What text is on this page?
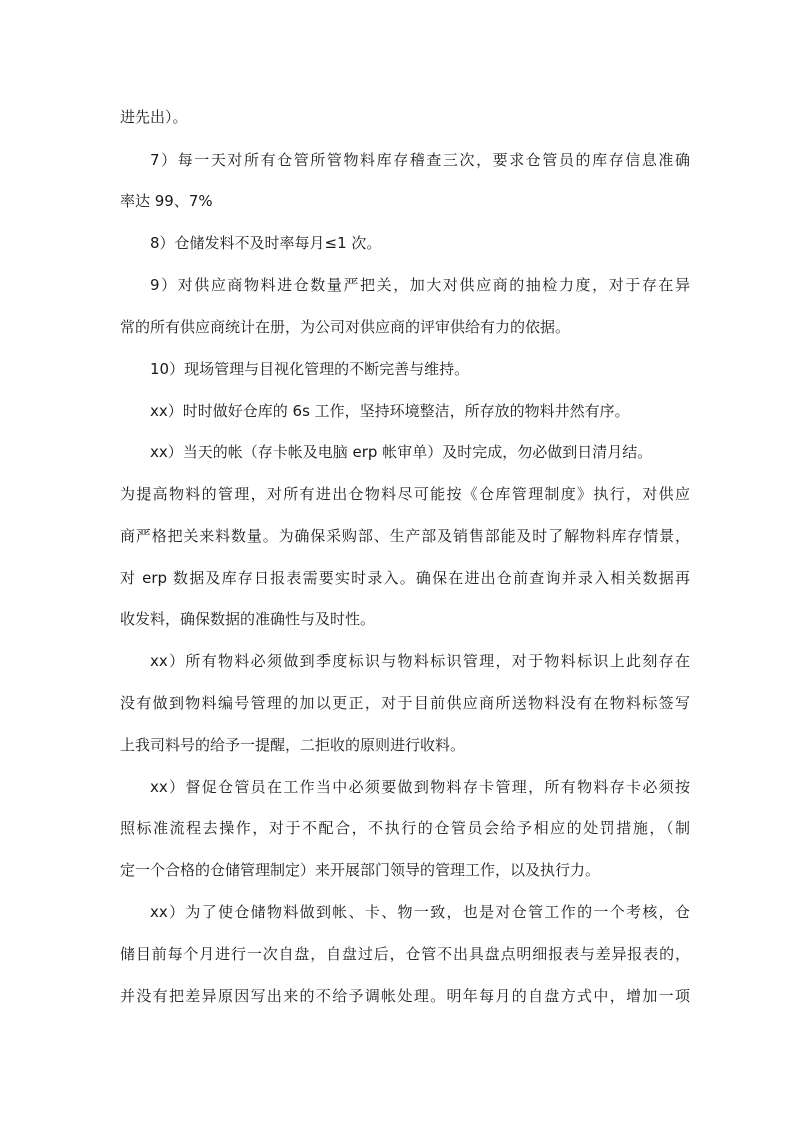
进先出）。
7）每一天对所有仓管所管物料库存稽查三次，要求仓管员的库存信息准确
率达 99、7%
8）仓储发料不及时率每月≤1 次。
9）对供应商物料进仓数量严把关，加大对供应商的抽检力度，对于存在异
常的所有供应商统计在册，为公司对供应商的评审供给有力的依据。
10）现场管理与目视化管理的不断完善与维持。
xx）时时做好仓库的 6s 工作，坚持环境整洁，所存放的物料井然有序。
xx）当天的帐（存卡帐及电脑 erp 帐审单）及时完成，勿必做到日清月结。
为提高物料的管理，对所有进出仓物料尽可能按《仓库管理制度》执行，对供应
商严格把关来料数量。为确保采购部、生产部及销售部能及时了解物料库存情景，
对 erp 数据及库存日报表需要实时录入。确保在进出仓前查询并录入相关数据再
收发料，确保数据的准确性与及时性。
xx）所有物料必须做到季度标识与物料标识管理，对于物料标识上此刻存在
没有做到物料编号管理的加以更正，对于目前供应商所送物料没有在物料标签写
上我司料号的给予一提醒，二拒收的原则进行收料。
xx）督促仓管员在工作当中必须要做到物料存卡管理，所有物料存卡必须按
照标准流程去操作，对于不配合，不执行的仓管员会给予相应的处罚措施，（制
定一个合格的仓储管理制定）来开展部门领导的管理工作，以及执行力。
xx）为了使仓储物料做到帐、卡、物一致，也是对仓管工作的一个考核，仓
储目前每个月进行一次自盘，自盘过后，仓管不出具盘点明细报表与差异报表的，
并没有把差异原因写出来的不给予调帐处理。明年每月的自盘方式中，增加一项
